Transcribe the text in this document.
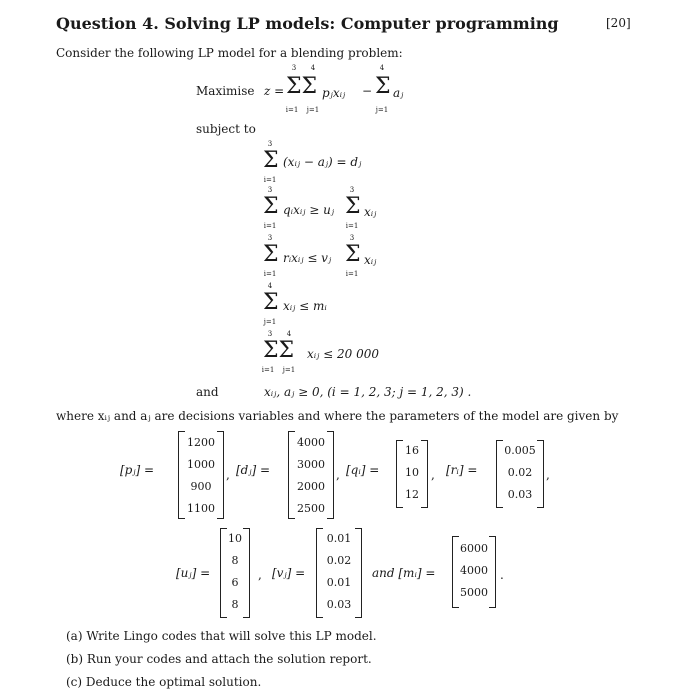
Question 4. Solving LP models: Computer programming	[20]
Consider the following LP model for a blending problem:
Maximise z =
3	4
ΣΣ
i=1	j=1
pⱼxᵢⱼ −
4
Σ
j=1
aⱼ
subject to
3
Σ
i=1
(xᵢⱼ − aⱼ) = dⱼ
3
Σ
i=1
qᵢxᵢⱼ ≥ uⱼ
3
Σ
i=1
xᵢⱼ
3
Σ
i=1
rᵢxᵢⱼ ≤ vⱼ
3
Σ
i=1
xᵢⱼ
4
Σ
j=1
xᵢⱼ ≤ mᵢ
3	4
ΣΣ
i=1	j=1
xᵢⱼ ≤ 20 000
and	xᵢⱼ, aⱼ ≥ 0, (i = 1, 2, 3; j = 1, 2, 3) .
where xᵢⱼ and aⱼ are decisions variables and where the parameters of the model are given by
[pⱼ] =
1200
1000
900
1100
, [dⱼ] =
4000
3000
2000
2500
, [qᵢ] =
16
10
12
, [rᵢ] =
0.005
0.02
0.03
,
[uⱼ] =
10
8
6
8
, [vⱼ] =
0.01
0.02
0.01
0.03
and [mᵢ] =
6000
4000
5000
.
(a) Write Lingo codes that will solve this LP model.
(b) Run your codes and attach the solution report.
(c) Deduce the optimal solution.
